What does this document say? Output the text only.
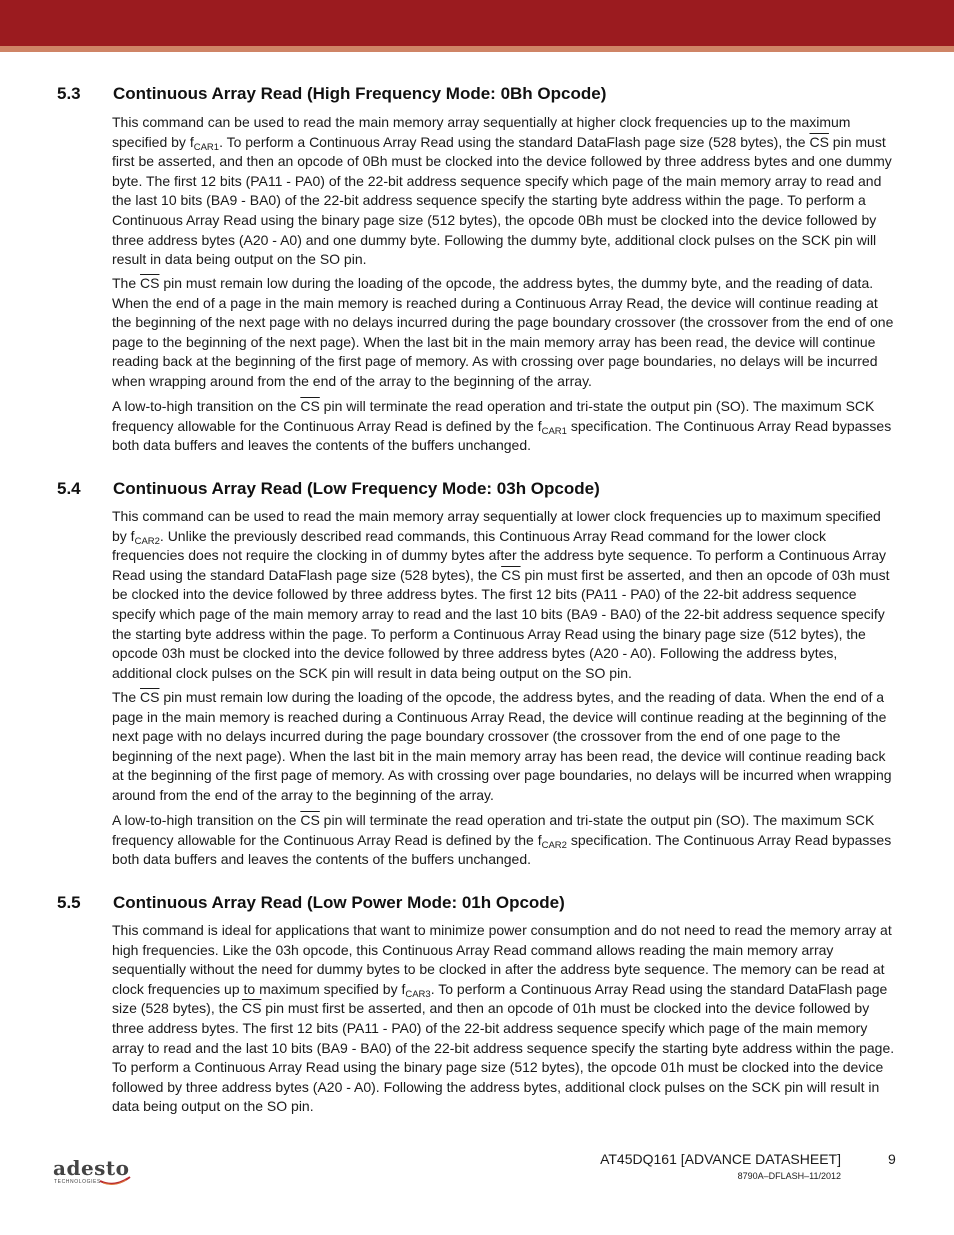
5.3 Continuous Array Read (High Frequency Mode: 0Bh Opcode)

This command can be used to read the main memory array sequentially at higher clock frequencies up to the maximum specified by $f_{CAR1}$. To perform a Continuous Array Read using the standard DataFlash page size (528 bytes), the $\overline{CS}$ pin must first be asserted, and then an opcode of 0Bh must be clocked into the device followed by three address bytes and one dummy byte. The first 12 bits (PA11 - PA0) of the 22-bit address sequence specify which page of the main memory array to read and the last 10 bits (BA9 - BA0) of the 22-bit address sequence specify the starting byte address within the page. To perform a Continuous Array Read using the binary page size (512 bytes), the opcode 0Bh must be clocked into the device followed by three address bytes (A20 - A0) and one dummy byte. Following the dummy byte, additional clock pulses on the SCK pin will result in data being output on the SO pin.

The $\overline{CS}$ pin must remain low during the loading of the opcode, the address bytes, the dummy byte, and the reading of data. When the end of a page in the main memory is reached during a Continuous Array Read, the device will continue reading at the beginning of the next page with no delays incurred during the page boundary crossover (the crossover from the end of one page to the beginning of the next page). When the last bit in the main memory array has been read, the device will continue reading back at the beginning of the first page of memory. As with crossing over page boundaries, no delays will be incurred when wrapping around from the end of the array to the beginning of the array.

A low-to-high transition on the $\overline{CS}$ pin will terminate the read operation and tri-state the output pin (SO). The maximum SCK frequency allowable for the Continuous Array Read is defined by the $f_{CAR1}$ specification. The Continuous Array Read bypasses both data buffers and leaves the contents of the buffers unchanged.

5.4 Continuous Array Read (Low Frequency Mode: 03h Opcode)

This command can be used to read the main memory array sequentially at lower clock frequencies up to maximum specified by $f_{CAR2}$. Unlike the previously described read commands, this Continuous Array Read command for the lower clock frequencies does not require the clocking in of dummy bytes after the address byte sequence. To perform a Continuous Array Read using the standard DataFlash page size (528 bytes), the $\overline{CS}$ pin must first be asserted, and then an opcode of 03h must be clocked into the device followed by three address bytes. The first 12 bits (PA11 - PA0) of the 22-bit address sequence specify which page of the main memory array to read and the last 10 bits (BA9 - BA0) of the 22-bit address sequence specify the starting byte address within the page. To perform a Continuous Array Read using the binary page size (512 bytes), the opcode 03h must be clocked into the device followed by three address bytes (A20 - A0). Following the address bytes, additional clock pulses on the SCK pin will result in data being output on the SO pin.

The $\overline{CS}$ pin must remain low during the loading of the opcode, the address bytes, and the reading of data. When the end of a page in the main memory is reached during a Continuous Array Read, the device will continue reading at the beginning of the next page with no delays incurred during the page boundary crossover (the crossover from the end of one page to the beginning of the next page). When the last bit in the main memory array has been read, the device will continue reading back at the beginning of the first page of memory. As with crossing over page boundaries, no delays will be incurred when wrapping around from the end of the array to the beginning of the array.

A low-to-high transition on the $\overline{CS}$ pin will terminate the read operation and tri-state the output pin (SO). The maximum SCK frequency allowable for the Continuous Array Read is defined by the $f_{CAR2}$ specification. The Continuous Array Read bypasses both data buffers and leaves the contents of the buffers unchanged.

5.5 Continuous Array Read (Low Power Mode: 01h Opcode)

This command is ideal for applications that want to minimize power consumption and do not need to read the memory array at high frequencies. Like the 03h opcode, this Continuous Array Read command allows reading the main memory array sequentially without the need for dummy bytes to be clocked in after the address byte sequence. The memory can be read at clock frequencies up to maximum specified by $f_{CAR3}$. To perform a Continuous Array Read using the standard DataFlash page size (528 bytes), the $\overline{CS}$ pin must first be asserted, and then an opcode of 01h must be clocked into the device followed by three address bytes. The first 12 bits (PA11 - PA0) of the 22-bit address sequence specify which page of the main memory array to read and the last 10 bits (BA9 - BA0) of the 22-bit address sequence specify the starting byte address within the page. To perform a Continuous Array Read using the binary page size (512 bytes), the opcode 01h must be clocked into the device followed by three address bytes (A20 - A0). Following the address bytes, additional clock pulses on the SCK pin will result in data being output on the SO pin.

adesto
TECHNOLOGIES
AT45DQ161 [ADVANCE DATASHEET]	9
8790A–DFLASH–11/2012
